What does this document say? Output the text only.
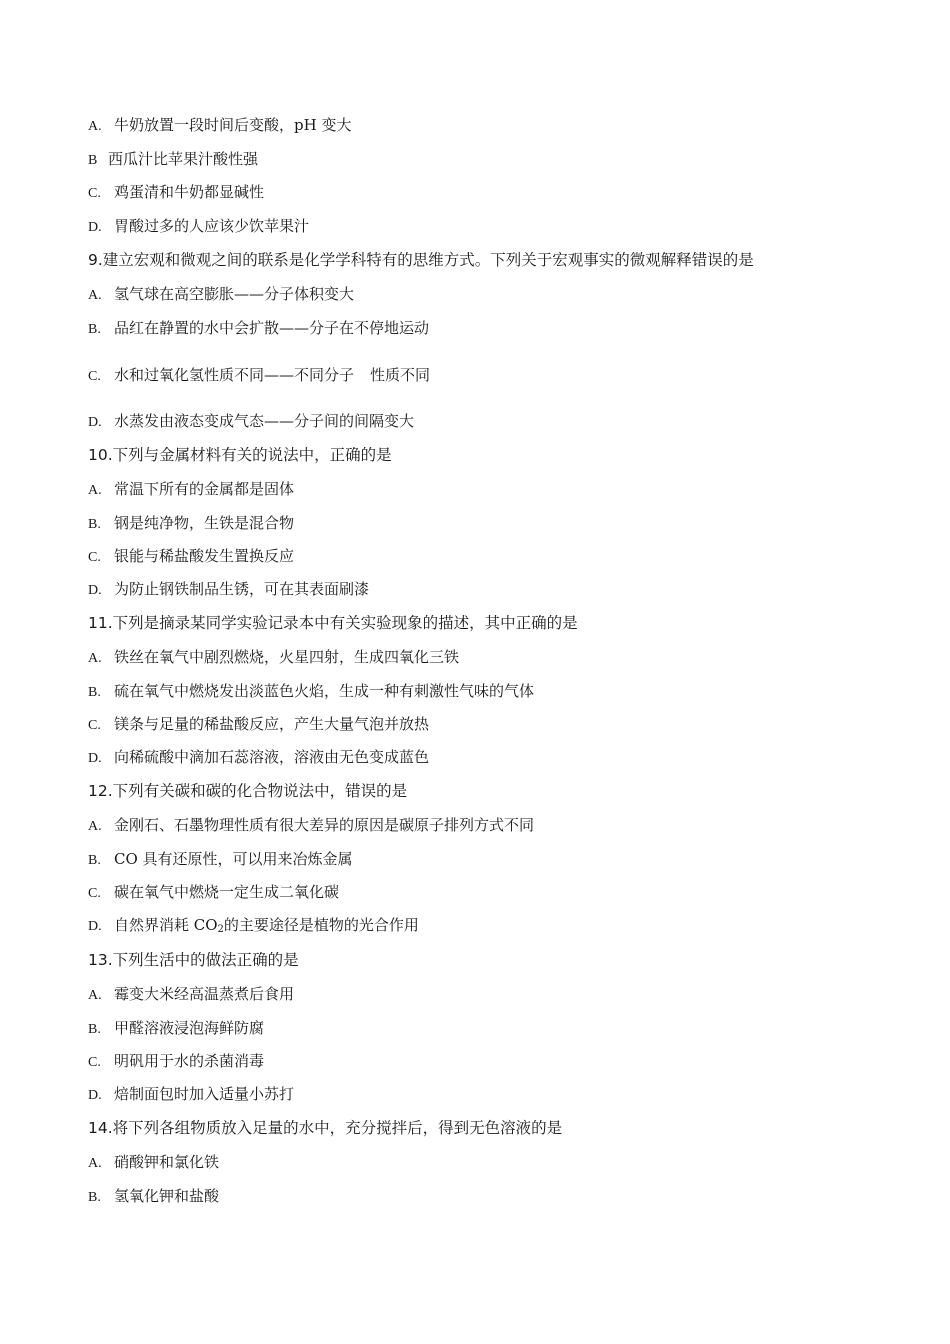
A. 牛奶放置一段时间后变酸，pH 变大
B 西瓜汁比苹果汁酸性强
C. 鸡蛋清和牛奶都显碱性
D. 胃酸过多的人应该少饮苹果汁
9.建立宏观和微观之间的联系是化学学科特有的思维方式。下列关于宏观事实的微观解释错误的是
A. 氢气球在高空膨胀——分子体积变大
B. 品红在静置的水中会扩散——分子在不停地运动
C. 水和过氧化氢性质不同——不同分子 性质不同
D. 水蒸发由液态变成气态——分子间的间隔变大
10.下列与金属材料有关的说法中，正确的是
A. 常温下所有的金属都是固体
B. 钢是纯净物，生铁是混合物
C. 银能与稀盐酸发生置换反应
D. 为防止钢铁制品生锈，可在其表面刷漆
11.下列是摘录某同学实验记录本中有关实验现象的描述，其中正确的是
A. 铁丝在氧气中剧烈燃烧，火星四射，生成四氧化三铁
B. 硫在氧气中燃烧发出淡蓝色火焰，生成一种有刺激性气味的气体
C. 镁条与足量的稀盐酸反应，产生大量气泡并放热
D. 向稀硫酸中滴加石蕊溶液，溶液由无色变成蓝色
12.下列有关碳和碳的化合物说法中，错误的是
A. 金刚石、石墨物理性质有很大差异的原因是碳原子排列方式不同
B. CO 具有还原性，可以用来冶炼金属
C. 碳在氧气中燃烧一定生成二氧化碳
D. 自然界消耗 $CO_2$的主要途径是植物的光合作用
13.下列生活中的做法正确的是
A. 霉变大米经高温蒸煮后食用
B. 甲醛溶液浸泡海鲜防腐
C. 明矾用于水的杀菌消毒
D. 焙制面包时加入适量小苏打
14.将下列各组物质放入足量的水中，充分搅拌后，得到无色溶液的是
A. 硝酸钾和氯化铁
B. 氢氧化钾和盐酸
